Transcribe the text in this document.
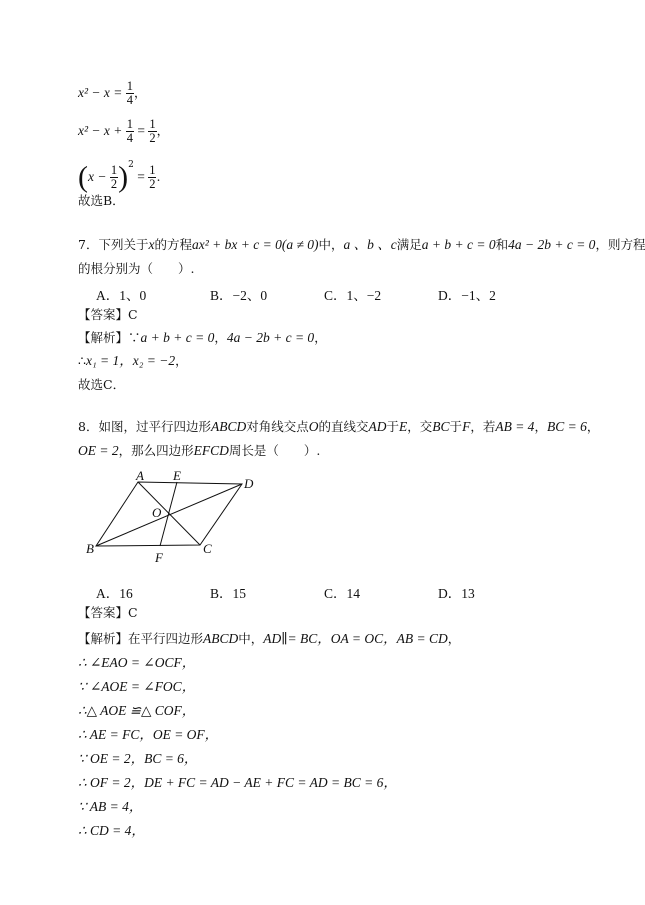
$x^2 - x = \frac{1}{4}$ ，
$x^2 - x + \frac{1}{4} = \frac{1}{2}$ ，
$(x - \frac{1}{2} )^2 = \frac{1}{2}$ .
故选B．
7．下列关于x的方程ax² + bx + c = 0(a ≠ 0)中，a 、b 、c满足a + b + c = 0和4a − 2b + c = 0，则方程
的根分别为（　　）.
A．1、0	B．−2、0	C．1、−2	D．−1、2
【答案】C
【解析】∵a + b + c = 0，4a − 2b + c = 0，
∴x₁ = 1，x₂ = −2，
故选C．
8．如图，过平行四边形ABCD对角线交点O的直线交AD于E，交BC于F，若AB = 4，BC = 6，
OE = 2，那么四边形EFCD周长是（　　）.
A E
D
O
B
F
C
A．16	B．15	C．14	D．13
【答案】C
【解析】在平行四边形ABCD中，AD∥= BC，OA = OC，AB = CD，
∴ ∠EAO = ∠OCF，
∵ ∠AOE = ∠FOC，
∴△ AOE ≌△ COF，
∴ AE = FC，OE = OF，
∵ OE = 2，BC = 6，
∴ OF = 2，DE + FC = AD − AE + FC = AD = BC = 6，
∵ AB = 4，
∴ CD = 4，
